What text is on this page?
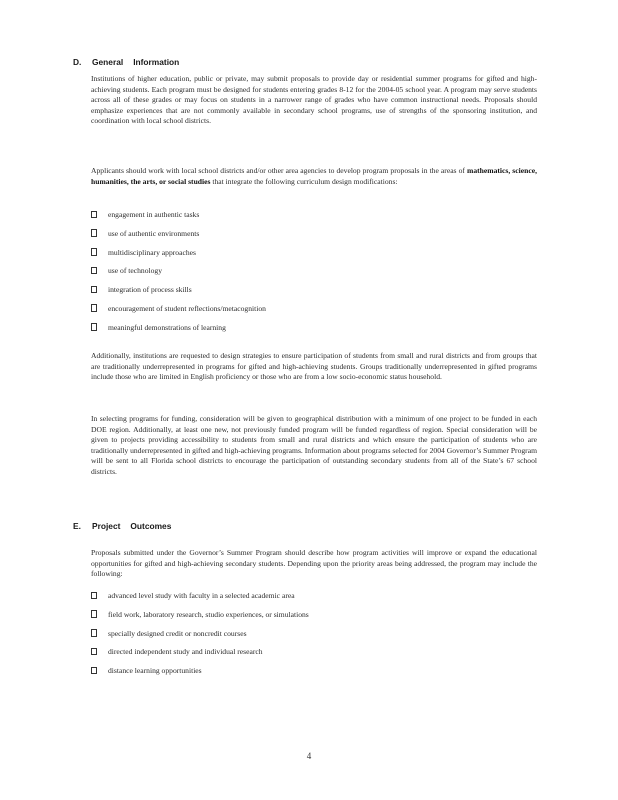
D. General Information

Institutions of higher education, public or private, may submit proposals to provide day or residential summer programs for gifted and high-achieving students. Each program must be designed for students entering grades 8-12 for the 2004-05 school year. A program may serve students across all of these grades or may focus on students in a narrower range of grades who have common instructional needs. Proposals should emphasize experiences that are not commonly available in secondary school programs, use of strengths of the sponsoring institution, and coordination with local school districts.

Applicants should work with local school districts and/or other area agencies to develop program proposals in the areas of mathematics, science, humanities, the arts, or social studies that integrate the following curriculum design modifications:

engagement in authentic tasks
use of authentic environments
multidisciplinary approaches
use of technology
integration of process skills
encouragement of student reflections/metacognition
meaningful demonstrations of learning

Additionally, institutions are requested to design strategies to ensure participation of students from small and rural districts and from groups that are traditionally underrepresented in programs for gifted and high-achieving students. Groups traditionally underrepresented in gifted programs include those who are limited in English proficiency or those who are from a low socio-economic status household.

In selecting programs for funding, consideration will be given to geographical distribution with a minimum of one project to be funded in each DOE region. Additionally, at least one new, not previously funded program will be funded regardless of region. Special consideration will be given to projects providing accessibility to students from small and rural districts and which ensure the participation of students who are traditionally underrepresented in gifted and high-achieving programs. Information about programs selected for 2004 Governor’s Summer Program will be sent to all Florida school districts to encourage the participation of outstanding secondary students from all of the State’s 67 school districts.

E. Project Outcomes

Proposals submitted under the Governor’s Summer Program should describe how program activities will improve or expand the educational opportunities for gifted and high-achieving secondary students. Depending upon the priority areas being addressed, the program may include the following:

advanced level study with faculty in a selected academic area
field work, laboratory research, studio experiences, or simulations
specially designed credit or noncredit courses
directed independent study and individual research
distance learning opportunities
4
